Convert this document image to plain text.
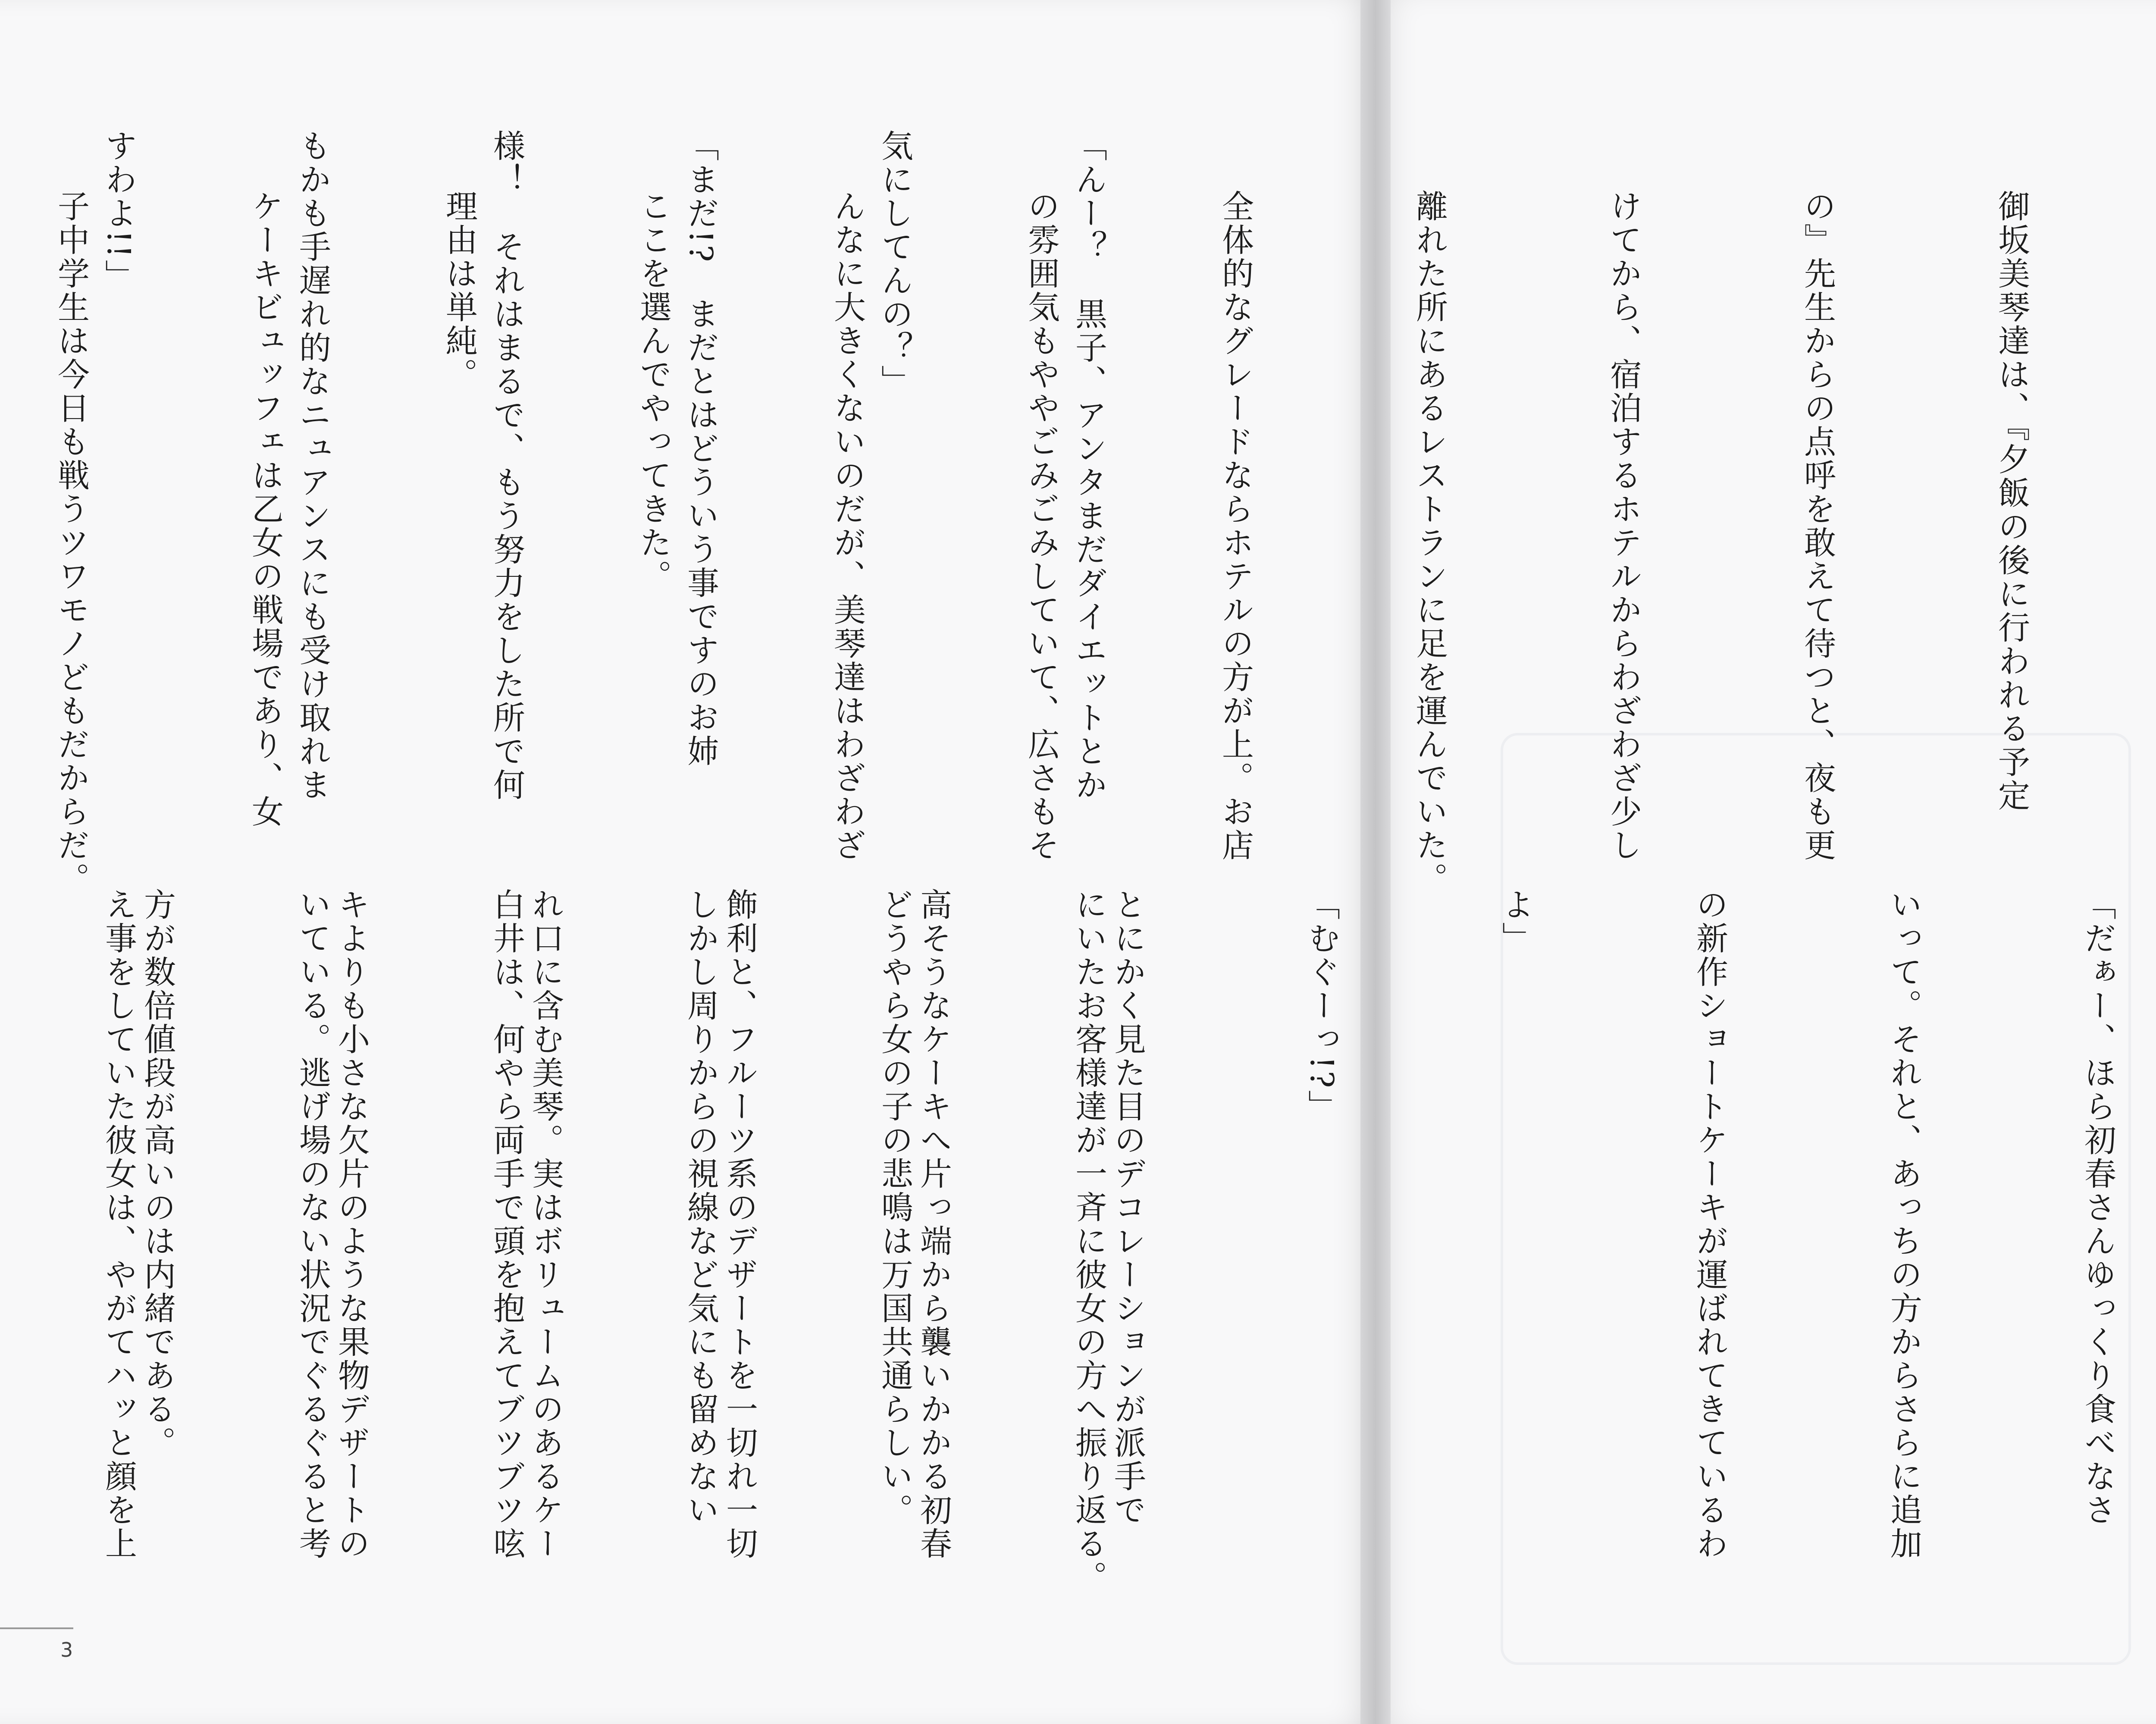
御坂美琴達は、『夕飯の後に行われる予定

の』先生からの点呼を敢えて待つと、夜も更

けてから、宿泊するホテルからわざわざ少し

離れた所にあるレストランに足を運んでいた。

全体的なグレードならホテルの方が上。お店

の雰囲気もややごみごみしていて、広さもそ

んなに大きくないのだが、美琴達はわざわざ

ここを選んでやってきた。

理由は単純。

ケーキビュッフェは乙女の戦場であり、女

子中学生は今日も戦うツワモノどもだからだ。

「だぁー、ほら初春さんゆっくり食べなさ

いって。それと、あっちの方からさらに追加

の新作ショートケーキが運ばれてきているわ

よ」

「むぐーっ!?」

とにかく見た目のデコレーションが派手で

高そうなケーキへ片っ端から襲いかかる初春

飾利と、フルーツ系のデザートを一切れ一切

れ口に含む美琴。実はボリュームのあるケー

キよりも小さな欠片のような果物デザートの

方が数倍値段が高いのは内緒である。

「んー？　黒子、アンタまだダイエットとか

気にしてんの？」

「まだ!?　まだとはどういう事ですのお姉

様！　それはまるで、もう努力をした所で何

もかも手遅れ的なニュアンスにも受け取れま

すわよ!!」

にいたお客様達が一斉に彼女の方へ振り返る。

どうやら女の子の悲鳴は万国共通らしい。

しかし周りからの視線など気にも留めない

白井は、何やら両手で頭を抱えてブツブツ呟

いている。逃げ場のない状況でぐるぐると考

え事をしていた彼女は、やがてハッと顔を上

3
